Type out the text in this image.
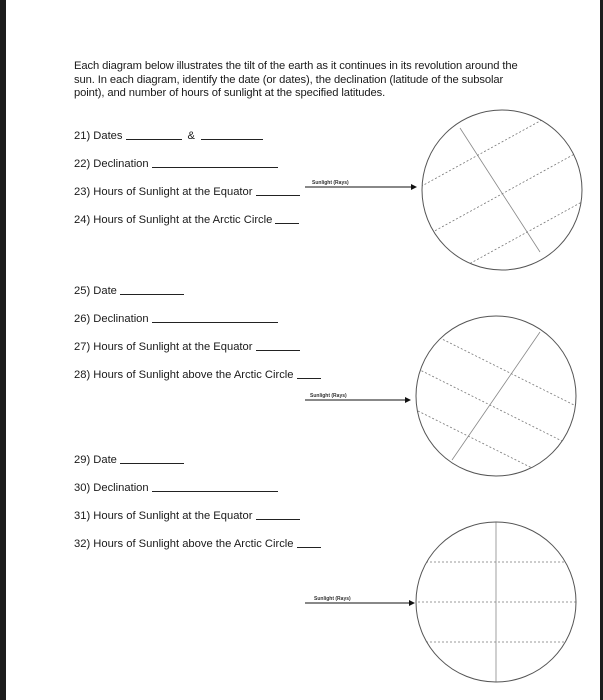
Each diagram below illustrates the tilt of the earth as it continues in its revolution around the sun. In each diagram, identify the date (or dates), the declination (latitude of the subsolar point), and number of hours of sunlight at the specified latitudes.
21) Dates	&
22) Declination
23) Hours of Sunlight at the Equator
24) Hours of Sunlight at the Arctic Circle
25) Date
26) Declination
27) Hours of Sunlight at the Equator
28) Hours of Sunlight above the Arctic Circle
29) Date
30) Declination
31) Hours of Sunlight at the Equator
32) Hours of Sunlight above the Arctic Circle
Sunlight (Rays)
Sunlight (Rays)
Sunlight (Rays)
